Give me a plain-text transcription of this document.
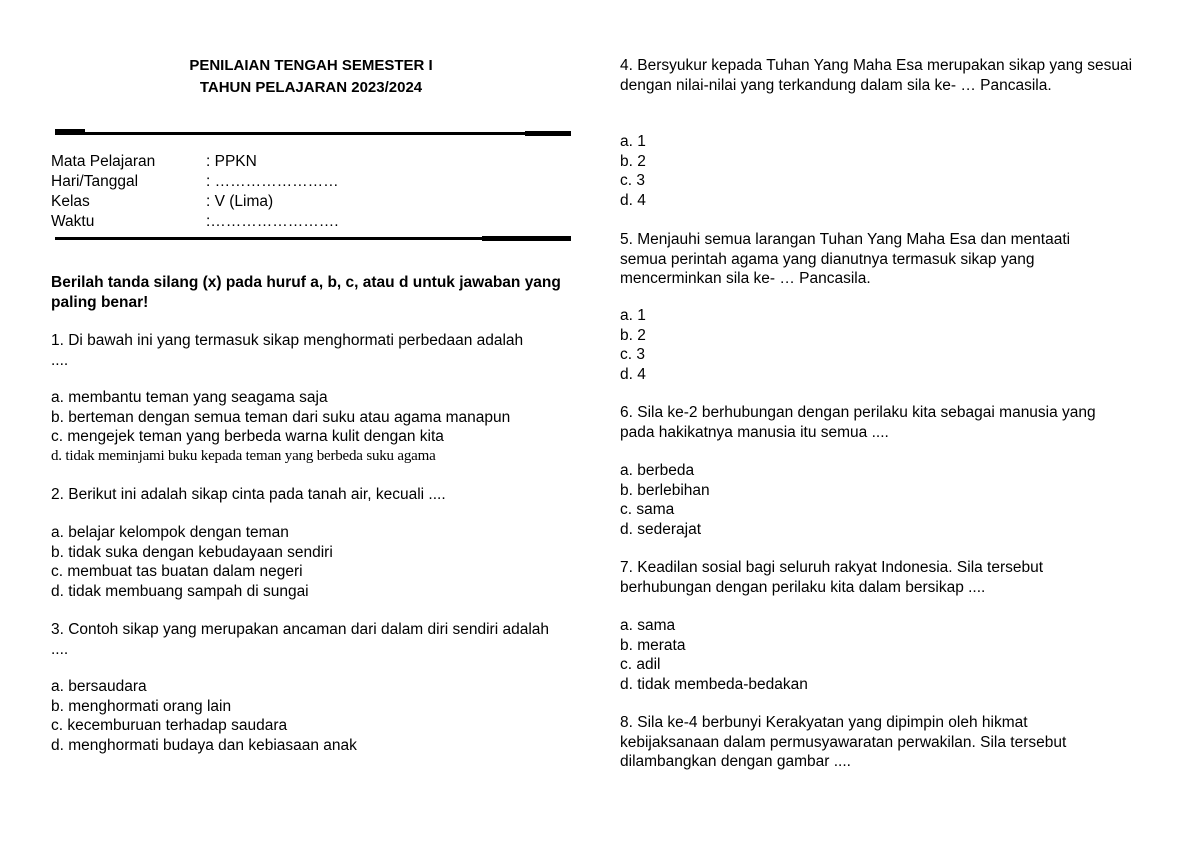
PENILAIAN TENGAH SEMESTER I
TAHUN PELAJARAN 2023/2024
Mata Pelajaran	: PPKN
Hari/Tanggal	: ……………………
Kelas	: V (Lima)
Waktu	:…………………….
Berilah tanda silang (x) pada huruf a, b, c, atau d untuk jawaban yang paling benar!

1. Di bawah ini yang termasuk sikap menghormati perbedaan adalah ....

a. membantu teman yang seagama saja
b. berteman dengan semua teman dari suku atau agama manapun
c. mengejek teman yang berbeda warna kulit dengan kita
d. tidak meminjami buku kepada teman yang berbeda suku agama

2. Berikut ini adalah sikap cinta pada tanah air, kecuali ....

a. belajar kelompok dengan teman
b. tidak suka dengan kebudayaan sendiri
c. membuat tas buatan dalam negeri
d. tidak membuang sampah di sungai

3. Contoh sikap yang merupakan ancaman dari dalam diri sendiri adalah ....

a. bersaudara
b. menghormati orang lain
c. kecemburuan terhadap saudara
d. menghormati budaya dan kebiasaan anak

4. Bersyukur kepada Tuhan Yang Maha Esa merupakan sikap yang sesuai dengan nilai-nilai yang terkandung dalam sila ke- … Pancasila.

a. 1
b. 2
c. 3
d. 4

5. Menjauhi semua larangan Tuhan Yang Maha Esa dan mentaati semua perintah agama yang dianutnya termasuk sikap yang mencerminkan sila ke- … Pancasila.

a. 1
b. 2
c. 3
d. 4

6. Sila ke-2 berhubungan dengan perilaku kita sebagai manusia yang pada hakikatnya manusia itu semua ....

a. berbeda
b. berlebihan
c. sama
d. sederajat

7. Keadilan sosial bagi seluruh rakyat Indonesia. Sila tersebut berhubungan dengan perilaku kita dalam bersikap ....

a. sama
b. merata
c. adil
d. tidak membeda-bedakan

8. Sila ke-4 berbunyi Kerakyatan yang dipimpin oleh hikmat kebijaksanaan dalam permusyawaratan perwakilan. Sila tersebut dilambangkan dengan gambar ....
